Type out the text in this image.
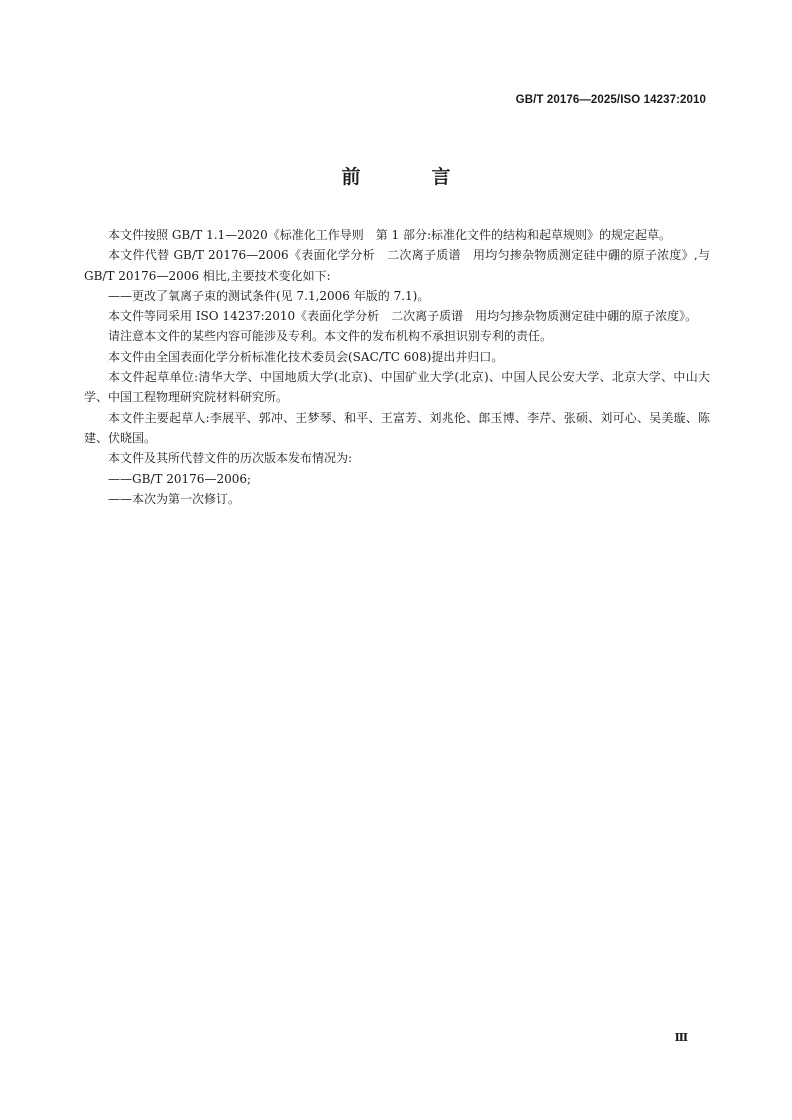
GB/T 20176—2025/ISO 14237:2010
前　言

本文件按照 GB/T 1.1—2020《标准化工作导则　第 1 部分:标准化文件的结构和起草规则》的规定起草。

本文件代替 GB/T 20176—2006《表面化学分析　二次离子质谱　用均匀掺杂物质测定硅中硼的原子浓度》,与 GB/T 20176—2006 相比,主要技术变化如下:

——更改了氧离子束的测试条件(见 7.1,2006 年版的 7.1)。

本文件等同采用 ISO 14237:2010《表面化学分析　二次离子质谱　用均匀掺杂物质测定硅中硼的原子浓度》。

请注意本文件的某些内容可能涉及专利。本文件的发布机构不承担识别专利的责任。

本文件由全国表面化学分析标准化技术委员会(SAC/TC 608)提出并归口。

本文件起草单位:清华大学、中国地质大学(北京)、中国矿业大学(北京)、中国人民公安大学、北京大学、中山大学、中国工程物理研究院材料研究所。

本文件主要起草人:李展平、郭冲、王梦琴、和平、王富芳、刘兆伦、郎玉博、李芹、张硕、刘可心、吴美璇、陈建、伏晓国。

本文件及其所代替文件的历次版本发布情况为:

——GB/T 20176—2006;

——本次为第一次修订。

Ⅲ
